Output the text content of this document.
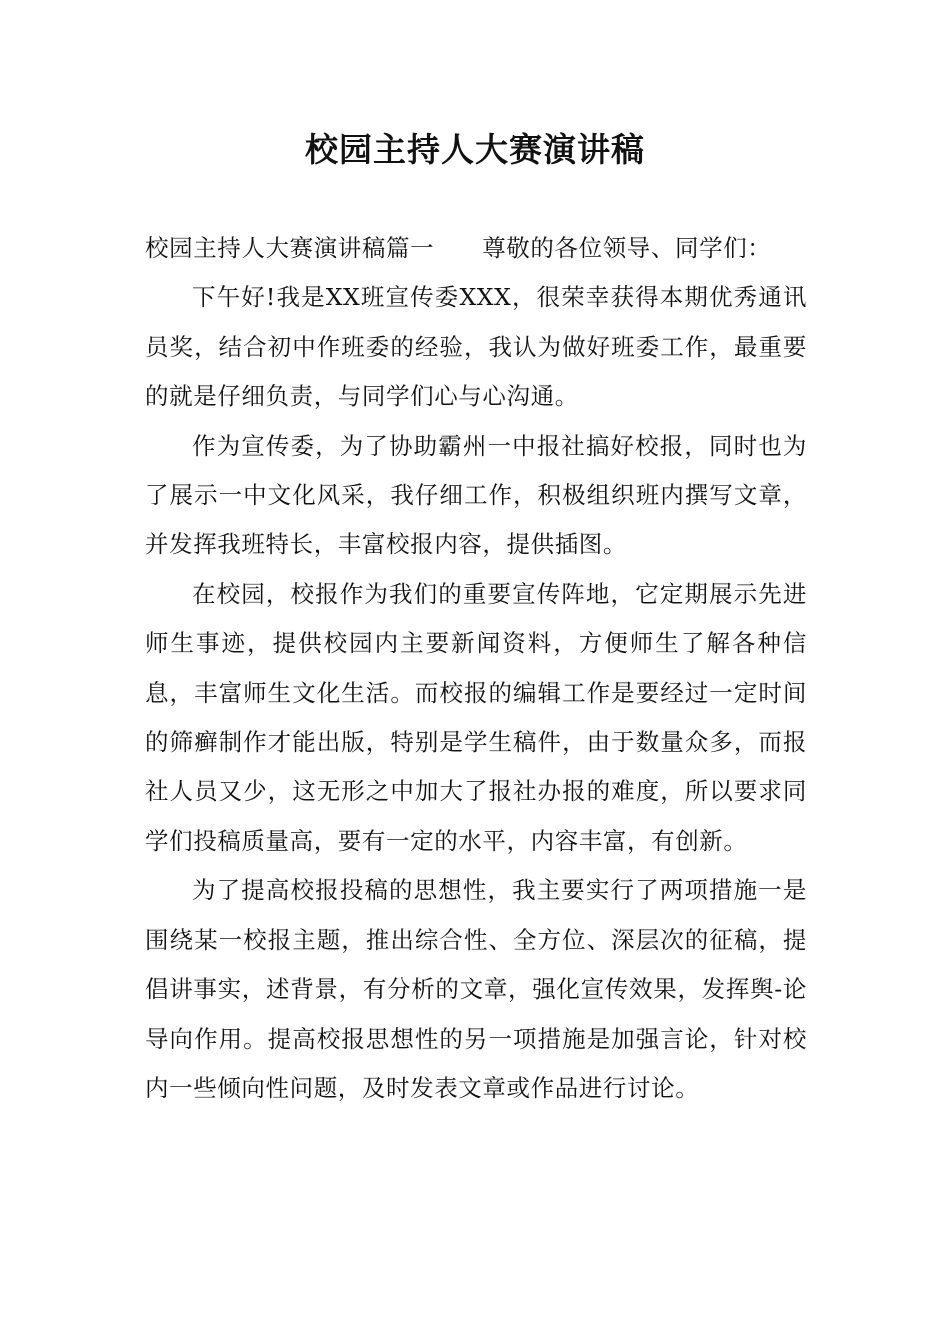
校园主持人大赛演讲稿

校园主持人大赛演讲稿篇一 尊敬的各位领导、同学们：

下午好!我是XX班宣传委XXX，很荣幸获得本期优秀通讯员奖，结合初中作班委的经验，我认为做好班委工作，最重要的就是仔细负责，与同学们心与心沟通。

作为宣传委，为了协助霸州一中报社搞好校报，同时也为了展示一中文化风采，我仔细工作，积极组织班内撰写文章，并发挥我班特长，丰富校报内容，提供插图。

在校园，校报作为我们的重要宣传阵地，它定期展示先进师生事迹，提供校园内主要新闻资料，方便师生了解各种信息，丰富师生文化生活。而校报的编辑工作是要经过一定时间的筛癣制作才能出版，特别是学生稿件，由于数量众多，而报社人员又少，这无形之中加大了报社办报的难度，所以要求同学们投稿质量高，要有一定的水平，内容丰富，有创新。

为了提高校报投稿的思想性，我主要实行了两项措施一是围绕某一校报主题，推出综合性、全方位、深层次的征稿，提倡讲事实，述背景，有分析的文章，强化宣传效果，发挥舆-论导向作用。提高校报思想性的另一项措施是加强言论，针对校内一些倾向性问题，及时发表文章或作品进行讨论。
